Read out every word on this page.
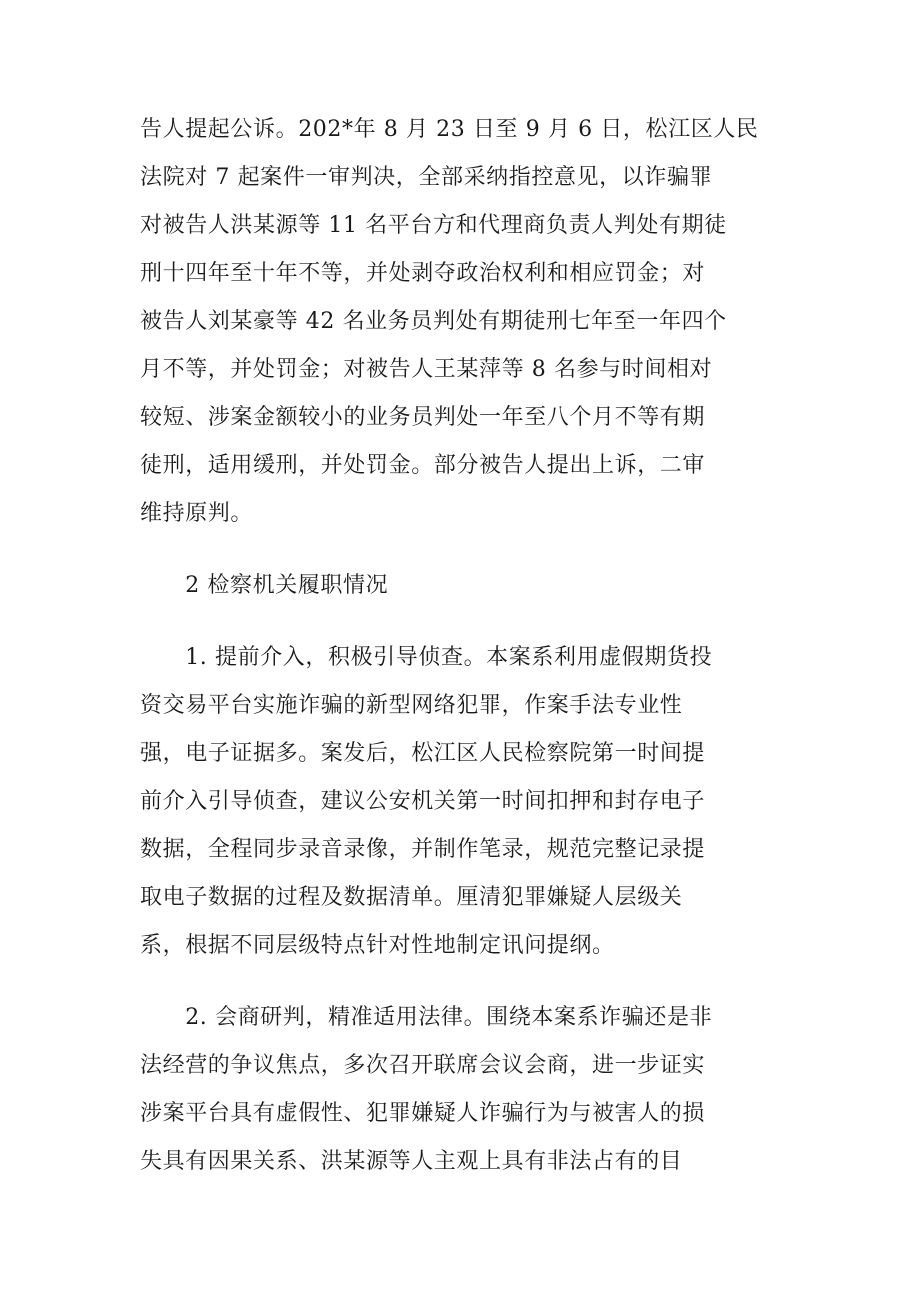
告人提起公诉。202*年 8 月 23 日至 9 月 6 日，松江区人民
法院对 7 起案件一审判决，全部采纳指控意见，以诈骗罪
对被告人洪某源等 11 名平台方和代理商负责人判处有期徒
刑十四年至十年不等，并处剥夺政治权利和相应罚金；对
被告人刘某豪等 42 名业务员判处有期徒刑七年至一年四个
月不等，并处罚金；对被告人王某萍等 8 名参与时间相对
较短、涉案金额较小的业务员判处一年至八个月不等有期
徒刑，适用缓刑，并处罚金。部分被告人提出上诉，二审
维持原判。
　　2 检察机关履职情况
　　1. 提前介入，积极引导侦查。本案系利用虚假期货投
资交易平台实施诈骗的新型网络犯罪，作案手法专业性
强，电子证据多。案发后，松江区人民检察院第一时间提
前介入引导侦查，建议公安机关第一时间扣押和封存电子
数据，全程同步录音录像，并制作笔录，规范完整记录提
取电子数据的过程及数据清单。厘清犯罪嫌疑人层级关
系，根据不同层级特点针对性地制定讯问提纲。
　　2. 会商研判，精准适用法律。围绕本案系诈骗还是非
法经营的争议焦点，多次召开联席会议会商，进一步证实
涉案平台具有虚假性、犯罪嫌疑人诈骗行为与被害人的损
失具有因果关系、洪某源等人主观上具有非法占有的目
